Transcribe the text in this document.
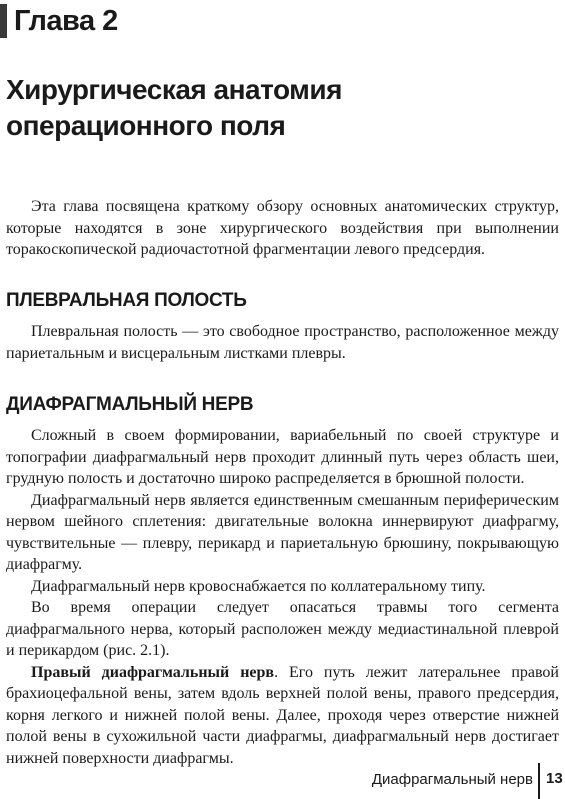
Глава 2
Хирургическая анатомия
операционного поля

Эта глава посвящена краткому обзору основных анатомических структур, которые находятся в зоне хирургического воздействия при выполнении торакоскопической радиочастотной фрагментации левого предсердия.

ПЛЕВРАЛЬНАЯ ПОЛОСТЬ

Плевральная полость — это свободное пространство, расположенное между париетальным и висцеральным листками плевры.

ДИАФРАГМАЛЬНЫЙ НЕРВ

Сложный в своем формировании, вариабельный по своей структуре и топографии диафрагмальный нерв проходит длинный путь через область шеи, грудную полость и достаточно широко распределяется в брюшной полости.

Диафрагмальный нерв является единственным смешанным периферическим нервом шейного сплетения: двигательные волокна иннервируют диафрагму, чувствительные — плевру, перикард и париетальную брюшину, покрывающую диафрагму.

Диафрагмальный нерв кровоснабжается по коллатеральному типу.

Во время операции следует опасаться травмы того сегмента диафрагмального нерва, который расположен между медиастинальной плеврой и перикардом (рис. 2.1).

Правый диафрагмальный нерв. Его путь лежит латеральнее правой брахиоцефальной вены, затем вдоль верхней полой вены, правого предсердия, корня легкого и нижней полой вены. Далее, проходя через отверстие нижней полой вены в сухожильной части диафрагмы, диафрагмальный нерв достигает нижней поверхности диафрагмы.

Диафрагмальный нерв 13
